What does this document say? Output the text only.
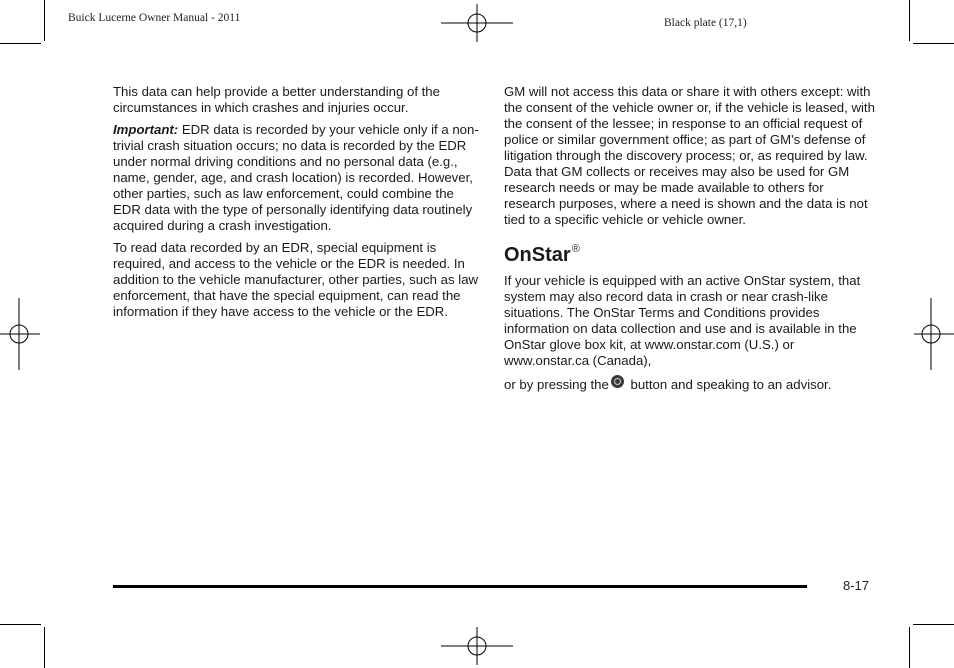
Buick Lucerne Owner Manual - 2011	Black plate (17,1)

This data can help provide a better understanding of the circumstances in which crashes and injuries occur.

Important: EDR data is recorded by your vehicle only if a non-trivial crash situation occurs; no data is recorded by the EDR under normal driving conditions and no personal data (e.g., name, gender, age, and crash location) is recorded. However, other parties, such as law enforcement, could combine the EDR data with the type of personally identifying data routinely acquired during a crash investigation.

To read data recorded by an EDR, special equipment is required, and access to the vehicle or the EDR is needed. In addition to the vehicle manufacturer, other parties, such as law enforcement, that have the special equipment, can read the information if they have access to the vehicle or the EDR.

GM will not access this data or share it with others except: with the consent of the vehicle owner or, if the vehicle is leased, with the consent of the lessee; in response to an official request of police or similar government office; as part of GM's defense of litigation through the discovery process; or, as required by law. Data that GM collects or receives may also be used for GM research needs or may be made available to others for research purposes, where a need is shown and the data is not tied to a specific vehicle or vehicle owner.

OnStar®

If your vehicle is equipped with an active OnStar system, that system may also record data in crash or near crash-like situations. The OnStar Terms and Conditions provides information on data collection and use and is available in the OnStar glove box kit, at www.onstar.com (U.S.) or www.onstar.ca (Canada),

or by pressing the button and speaking to an advisor.

8-17
